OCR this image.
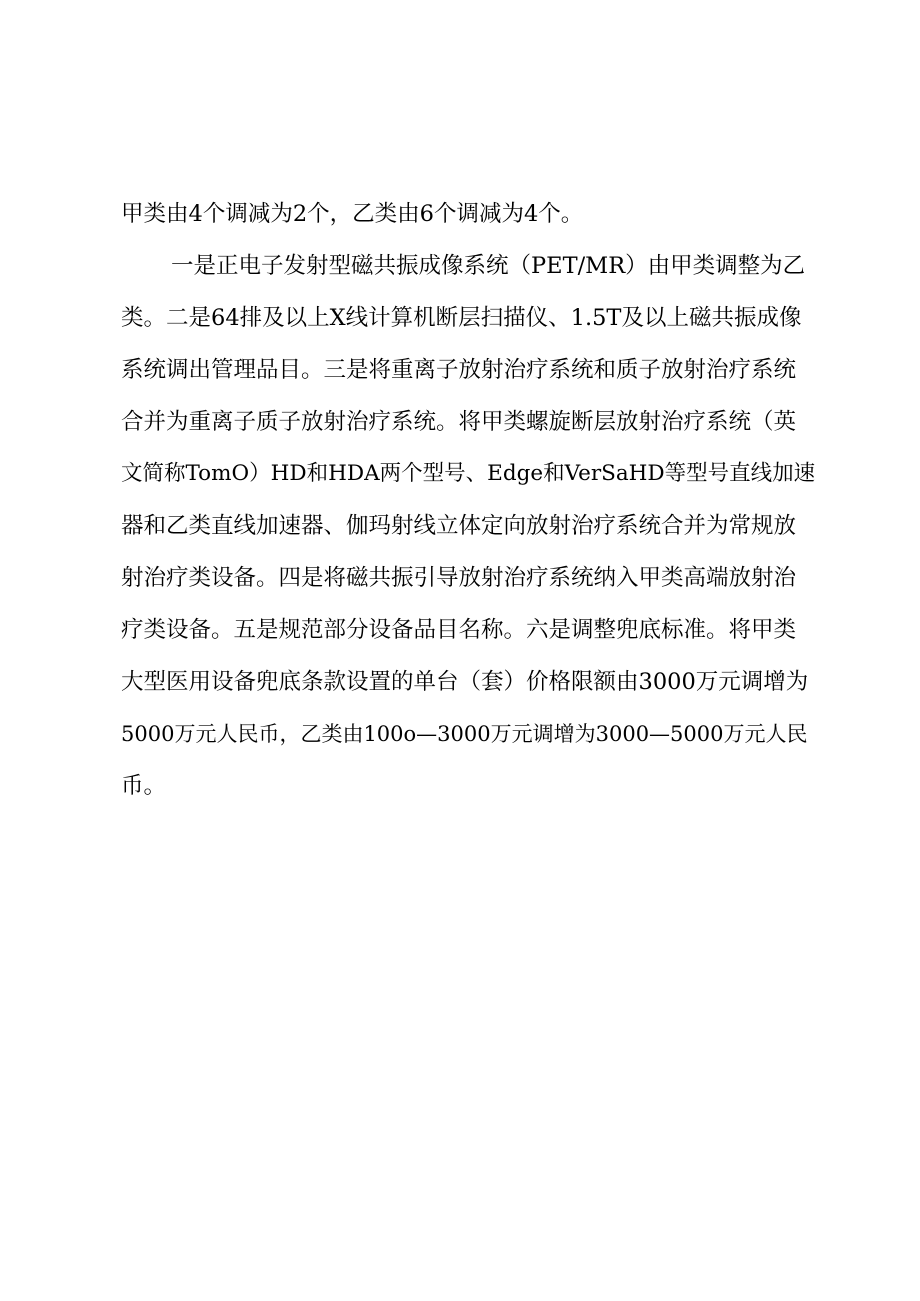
甲类由4个调减为2个，乙类由6个调减为4个。
一是正电子发射型磁共振成像系统（PET/MR）由甲类调整为乙
类。二是64排及以上X线计算机断层扫描仪、1.5T及以上磁共振成像
系统调出管理品目。三是将重离子放射治疗系统和质子放射治疗系统
合并为重离子质子放射治疗系统。将甲类螺旋断层放射治疗系统（英
文简称TomO）HD和HDA两个型号、Edge和VerSaHD等型号直线加速
器和乙类直线加速器、伽玛射线立体定向放射治疗系统合并为常规放
射治疗类设备。四是将磁共振引导放射治疗系统纳入甲类高端放射治
疗类设备。五是规范部分设备品目名称。六是调整兜底标准。将甲类
大型医用设备兜底条款设置的单台（套）价格限额由3000万元调增为
5000万元人民币，乙类由100o—3000万元调增为3000—5000万元人民
币。
